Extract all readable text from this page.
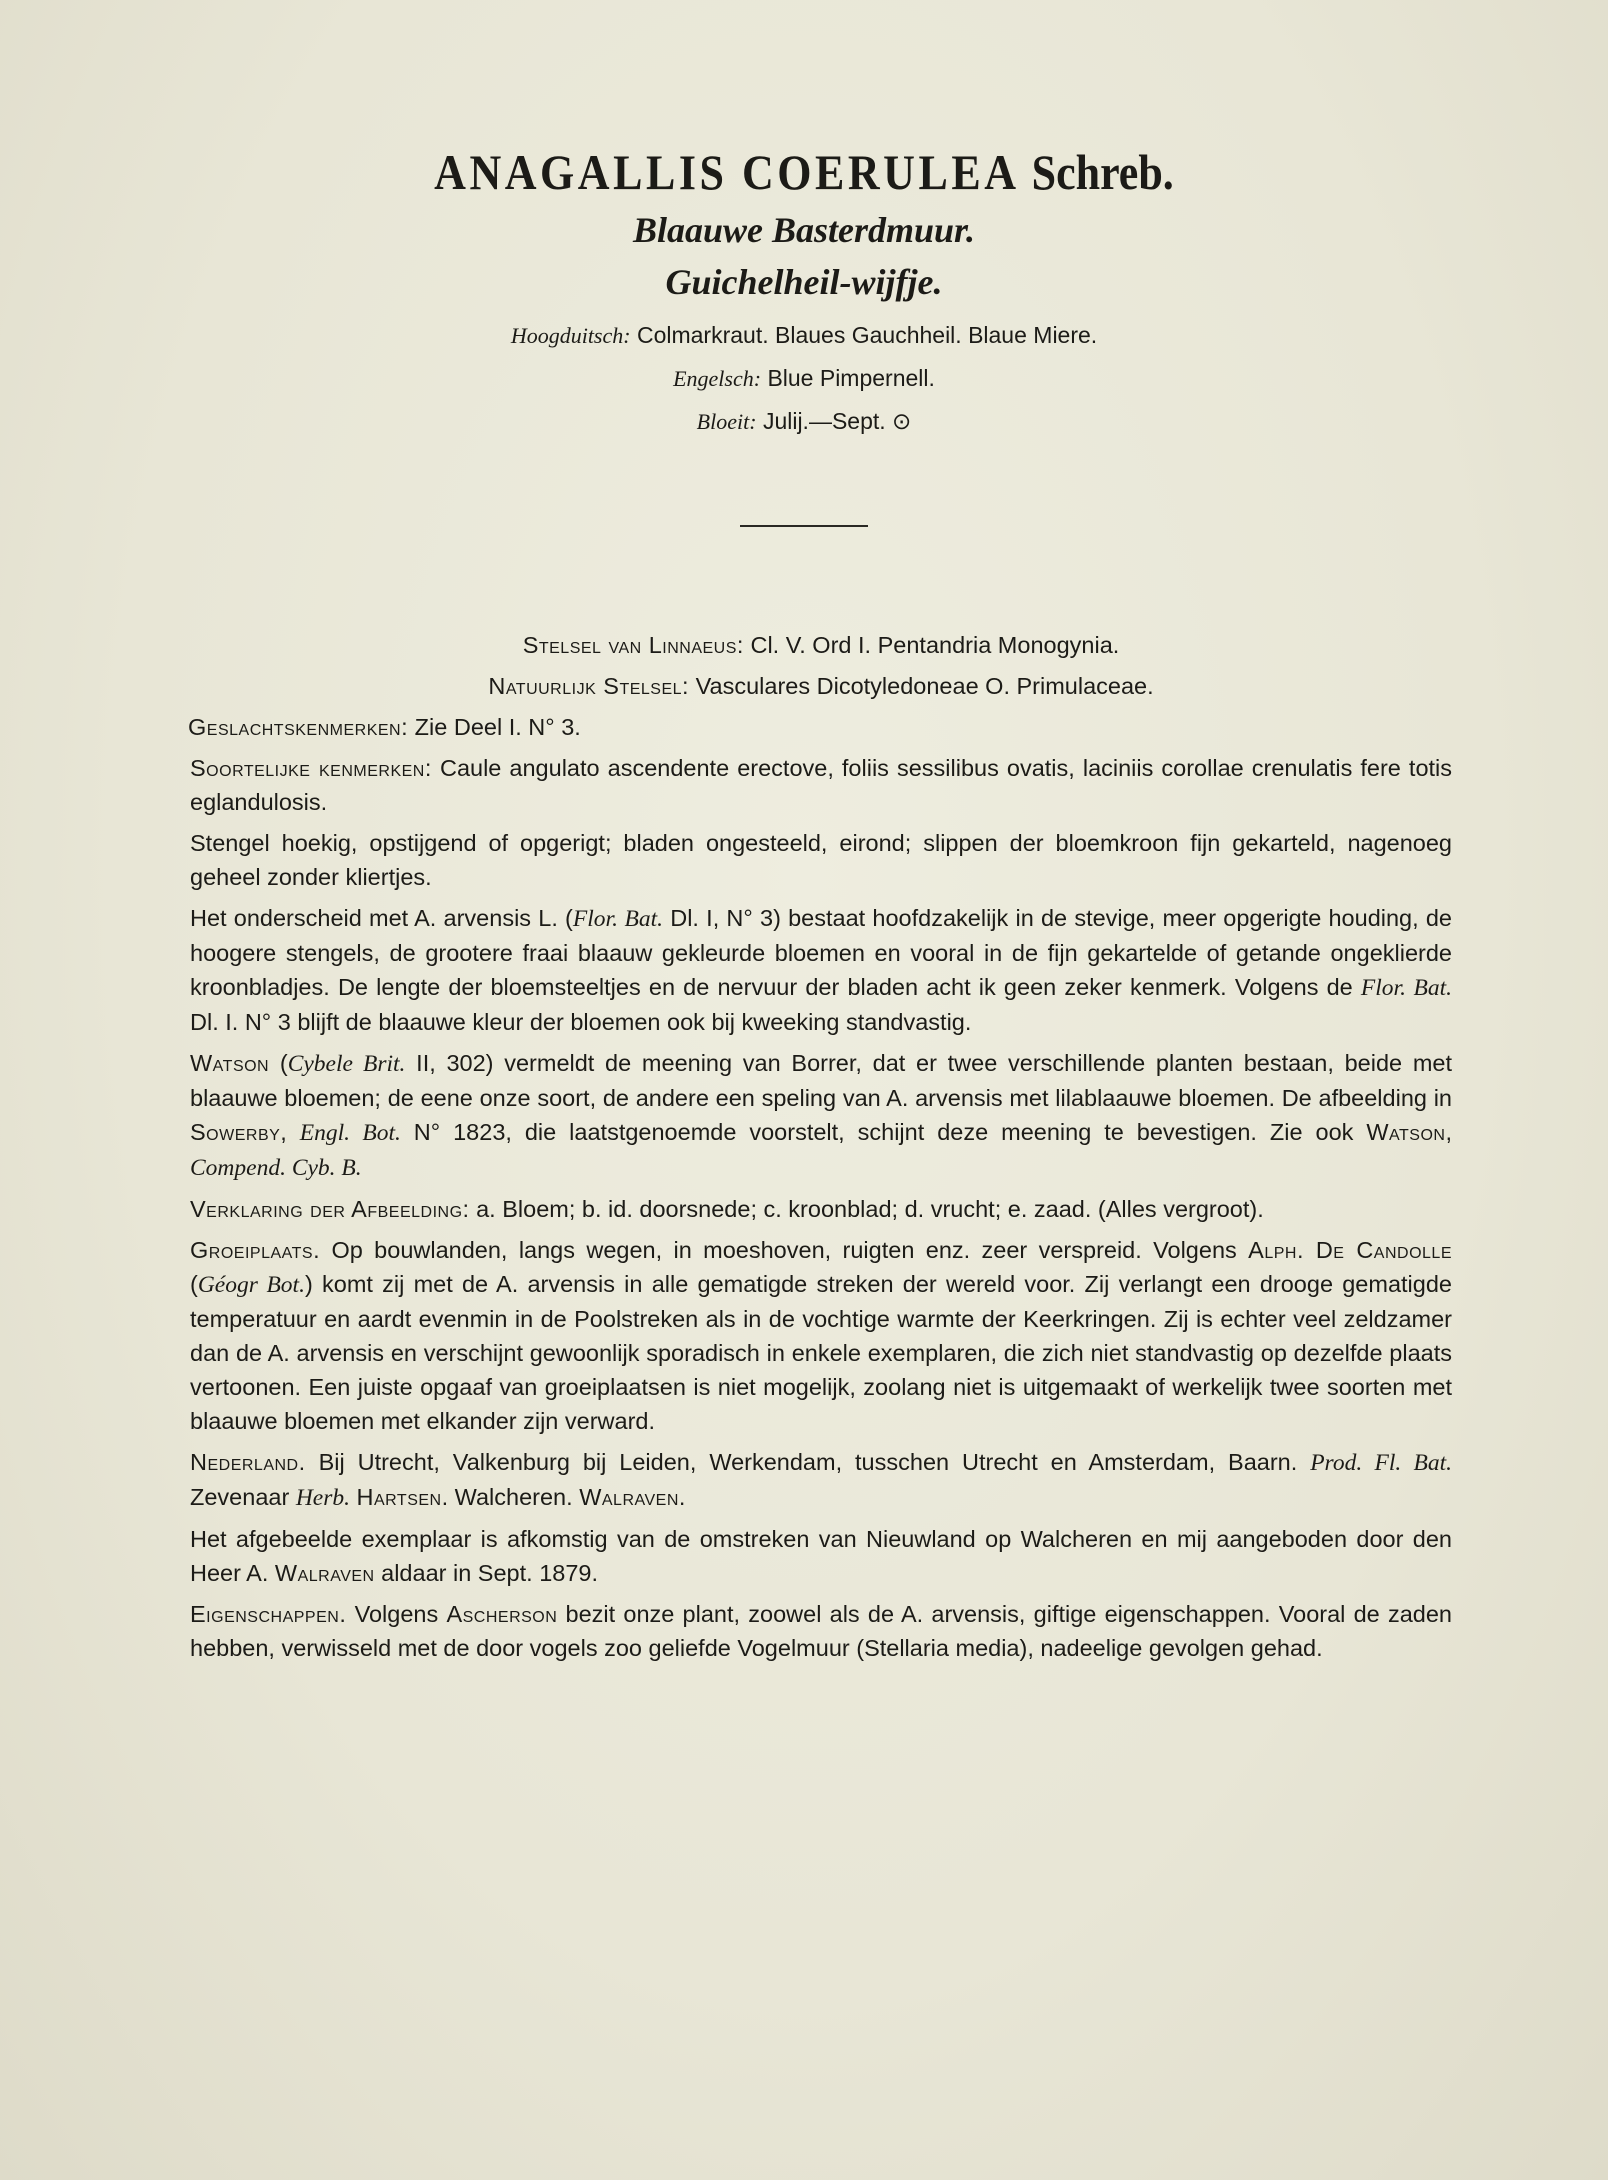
ANAGALLIS COERULEA Schreb.
Blaauwe Basterdmuur.
Guichelheil-wijfje.
Hoogduitsch: Colmarkraut. Blaues Gauchheil. Blaue Miere.
Engelsch: Blue Pimpernell.
Bloeit: Julij.—Sept. ⊙

Stelsel van Linnaeus: Cl. V. Ord I. Pentandria Monogynia.

Natuurlijk Stelsel: Vasculares Dicotyledoneae O. Primulaceae.

Geslachtskenmerken: Zie Deel I. N° 3.

Soortelijke kenmerken: Caule angulato ascendente erectove, foliis sessilibus ovatis, laciniis corollae crenulatis fere totis eglandulosis.

Stengel hoekig, opstijgend of opgerigt; bladen ongesteeld, eirond; slippen der bloemkroon fijn gekarteld, nagenoeg geheel zonder kliertjes.

Het onderscheid met A. arvensis L. (Flor. Bat. Dl. I, N° 3) bestaat hoofdzakelijk in de stevige, meer opgerigte houding, de hoogere stengels, de grootere fraai blaauw gekleurde bloemen en vooral in de fijn gekartelde of getande ongeklierde kroonbladjes. De lengte der bloemsteeltjes en de nervuur der bladen acht ik geen zeker kenmerk. Volgens de Flor. Bat. Dl. I. N° 3 blijft de blaauwe kleur der bloemen ook bij kweeking standvastig.

Watson (Cybele Brit. II, 302) vermeldt de meening van Borrer, dat er twee verschillende planten bestaan, beide met blaauwe bloemen; de eene onze soort, de andere een speling van A. arvensis met lilablaauwe bloemen. De afbeelding in Sowerby, Engl. Bot. N° 1823, die laatstgenoemde voorstelt, schijnt deze meening te bevestigen. Zie ook Watson, Compend. Cyb. B.

Verklaring der Afbeelding: a. Bloem; b. id. doorsnede; c. kroonblad; d. vrucht; e. zaad. (Alles vergroot).

Groeiplaats. Op bouwlanden, langs wegen, in moeshoven, ruigten enz. zeer verspreid. Volgens Alph. De Candolle (Géogr Bot.) komt zij met de A. arvensis in alle gematigde streken der wereld voor. Zij verlangt een drooge gematigde temperatuur en aardt evenmin in de Poolstreken als in de vochtige warmte der Keerkringen. Zij is echter veel zeldzamer dan de A. arvensis en verschijnt gewoonlijk sporadisch in enkele exemplaren, die zich niet standvastig op dezelfde plaats vertoonen. Een juiste opgaaf van groeiplaatsen is niet mogelijk, zoolang niet is uitgemaakt of werkelijk twee soorten met blaauwe bloemen met elkander zijn verward.

Nederland. Bij Utrecht, Valkenburg bij Leiden, Werkendam, tusschen Utrecht en Amsterdam, Baarn. Prod. Fl. Bat. Zevenaar Herb. Hartsen. Walcheren. Walraven.

Het afgebeelde exemplaar is afkomstig van de omstreken van Nieuwland op Walcheren en mij aangeboden door den Heer A. Walraven aldaar in Sept. 1879.

Eigenschappen. Volgens Ascherson bezit onze plant, zoowel als de A. arvensis, giftige eigenschappen. Vooral de zaden hebben, verwisseld met de door vogels zoo geliefde Vogelmuur (Stellaria media), nadeelige gevolgen gehad.
